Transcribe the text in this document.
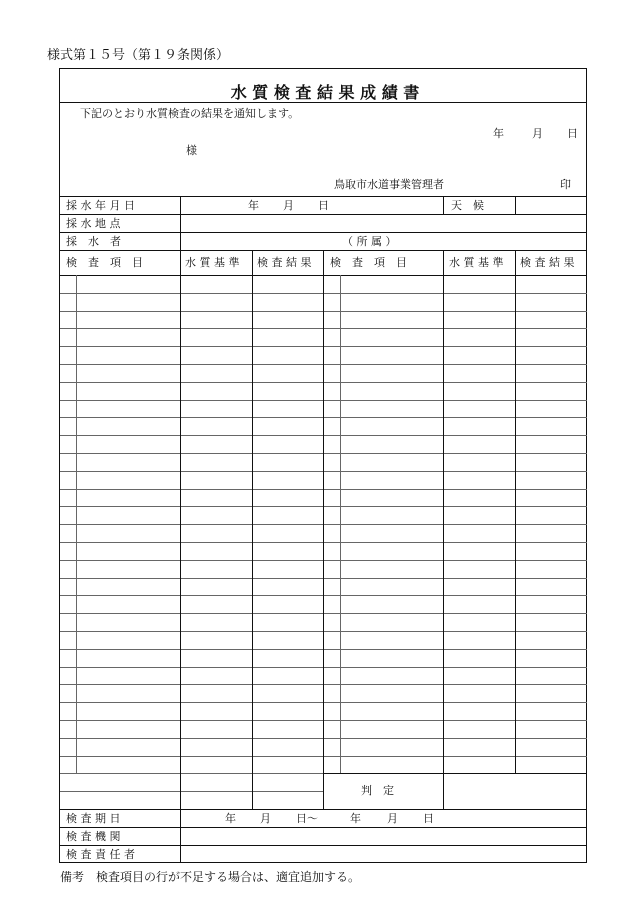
様式第１５号（第１９条関係）
水 質 検 査 結 果 成 績 書
下記のとおり水質検査の結果を通知します。
年	月 日
様
鳥取市水道事業管理者	印
採 水 年 月 日	年 月 日	天　候
採 水 地 点
採　水　者	（ 所 属 ）
検　査　項　目	水 質 基 準	検 査 結 果	検　査　項　目	水 質 基 準	検 査 結 果
判　定
検 査 期 日	年 月 日～	年 月 日
検 査 機 関
検 査 責 任 者
備考　検査項目の行が不足する場合は、適宜追加する。
